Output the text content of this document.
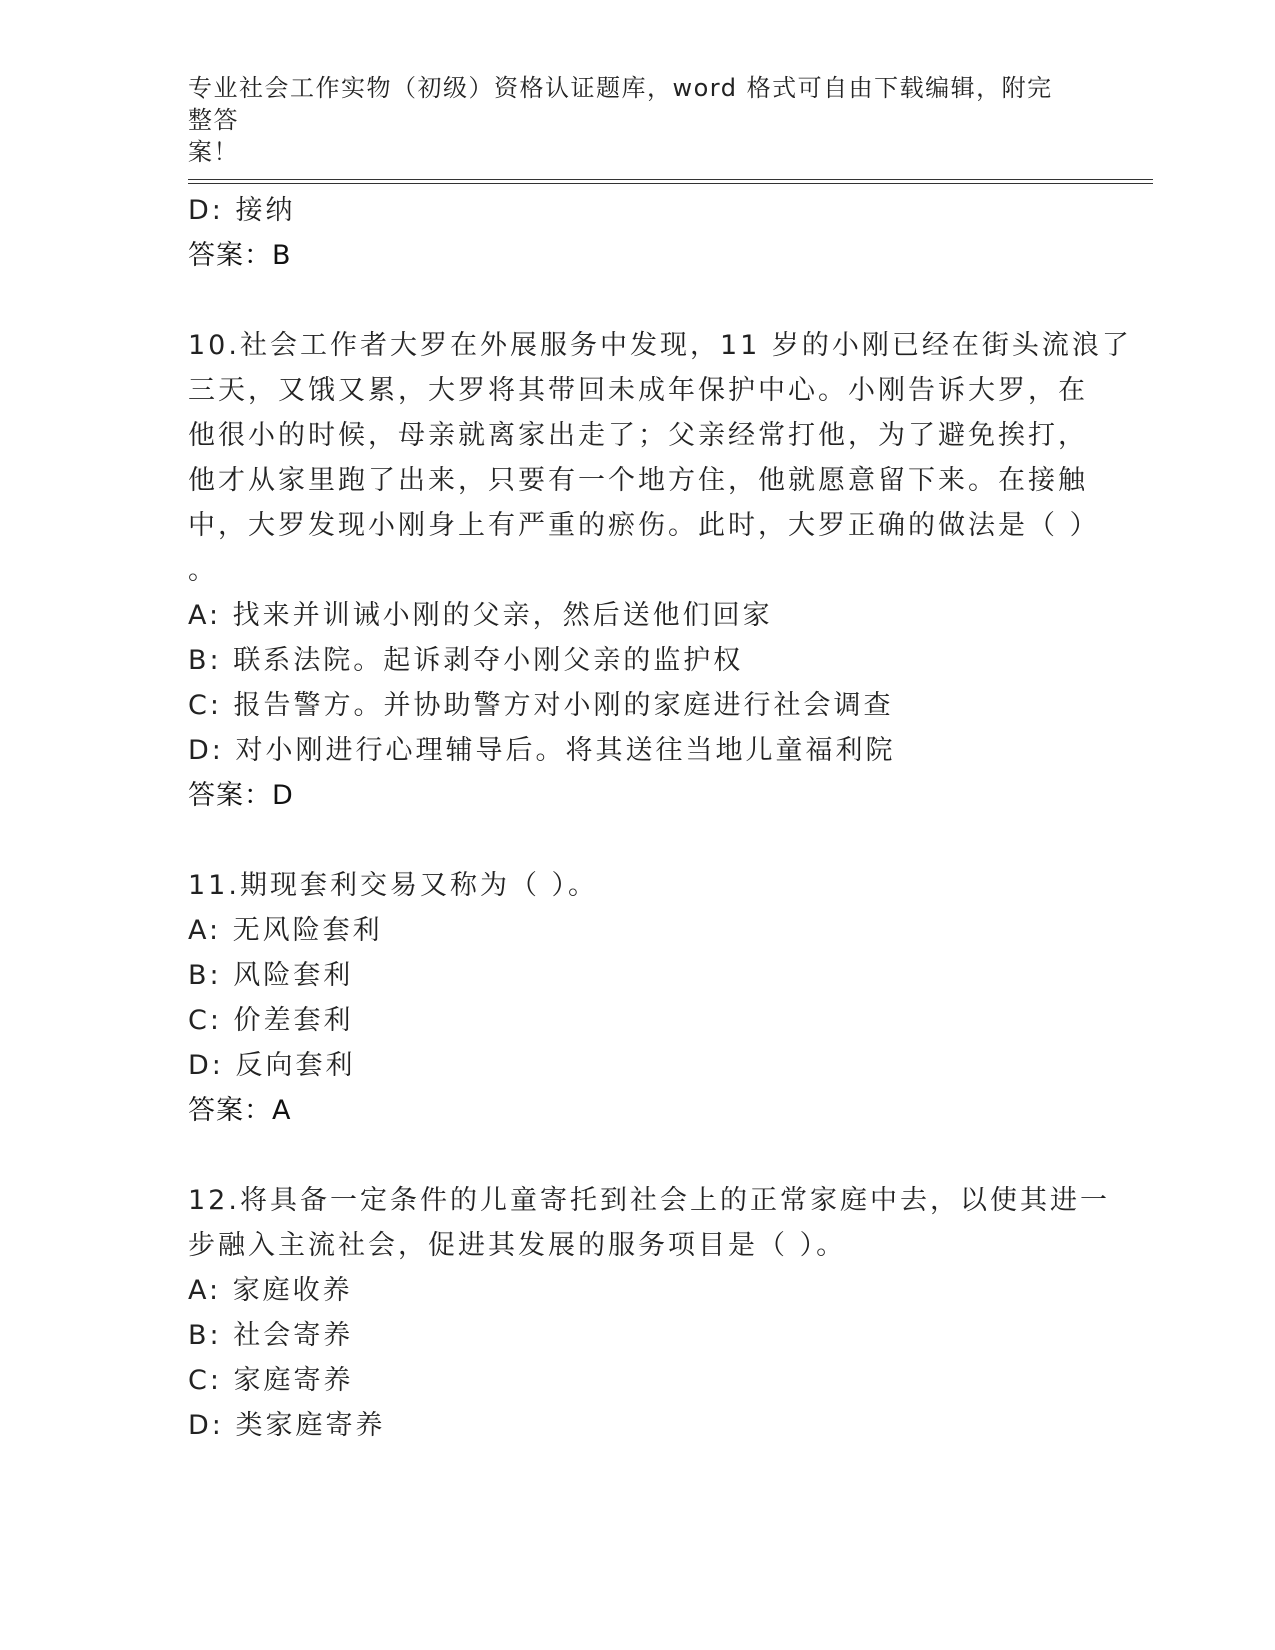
专业社会工作实物（初级）资格认证题库，word 格式可自由下载编辑，附完整答
案！
D: 接纳
答案：B
10.社会工作者大罗在外展服务中发现，11 岁的小刚已经在街头流浪了
三天，又饿又累，大罗将其带回未成年保护中心。小刚告诉大罗，在
他很小的时候，母亲就离家出走了；父亲经常打他，为了避免挨打，
他才从家里跑了出来，只要有一个地方住，他就愿意留下来。在接触
中，大罗发现小刚身上有严重的瘀伤。此时，大罗正确的做法是（ ）
。
A: 找来并训诫小刚的父亲，然后送他们回家
B: 联系法院。起诉剥夺小刚父亲的监护权
C: 报告警方。并协助警方对小刚的家庭进行社会调查
D: 对小刚进行心理辅导后。将其送往当地儿童福利院
答案：D
11.期现套利交易又称为（ ）。
A: 无风险套利
B: 风险套利
C: 价差套利
D: 反向套利
答案：A
12.将具备一定条件的儿童寄托到社会上的正常家庭中去，以使其进一
步融入主流社会，促进其发展的服务项目是（ ）。
A: 家庭收养
B: 社会寄养
C: 家庭寄养
D: 类家庭寄养
